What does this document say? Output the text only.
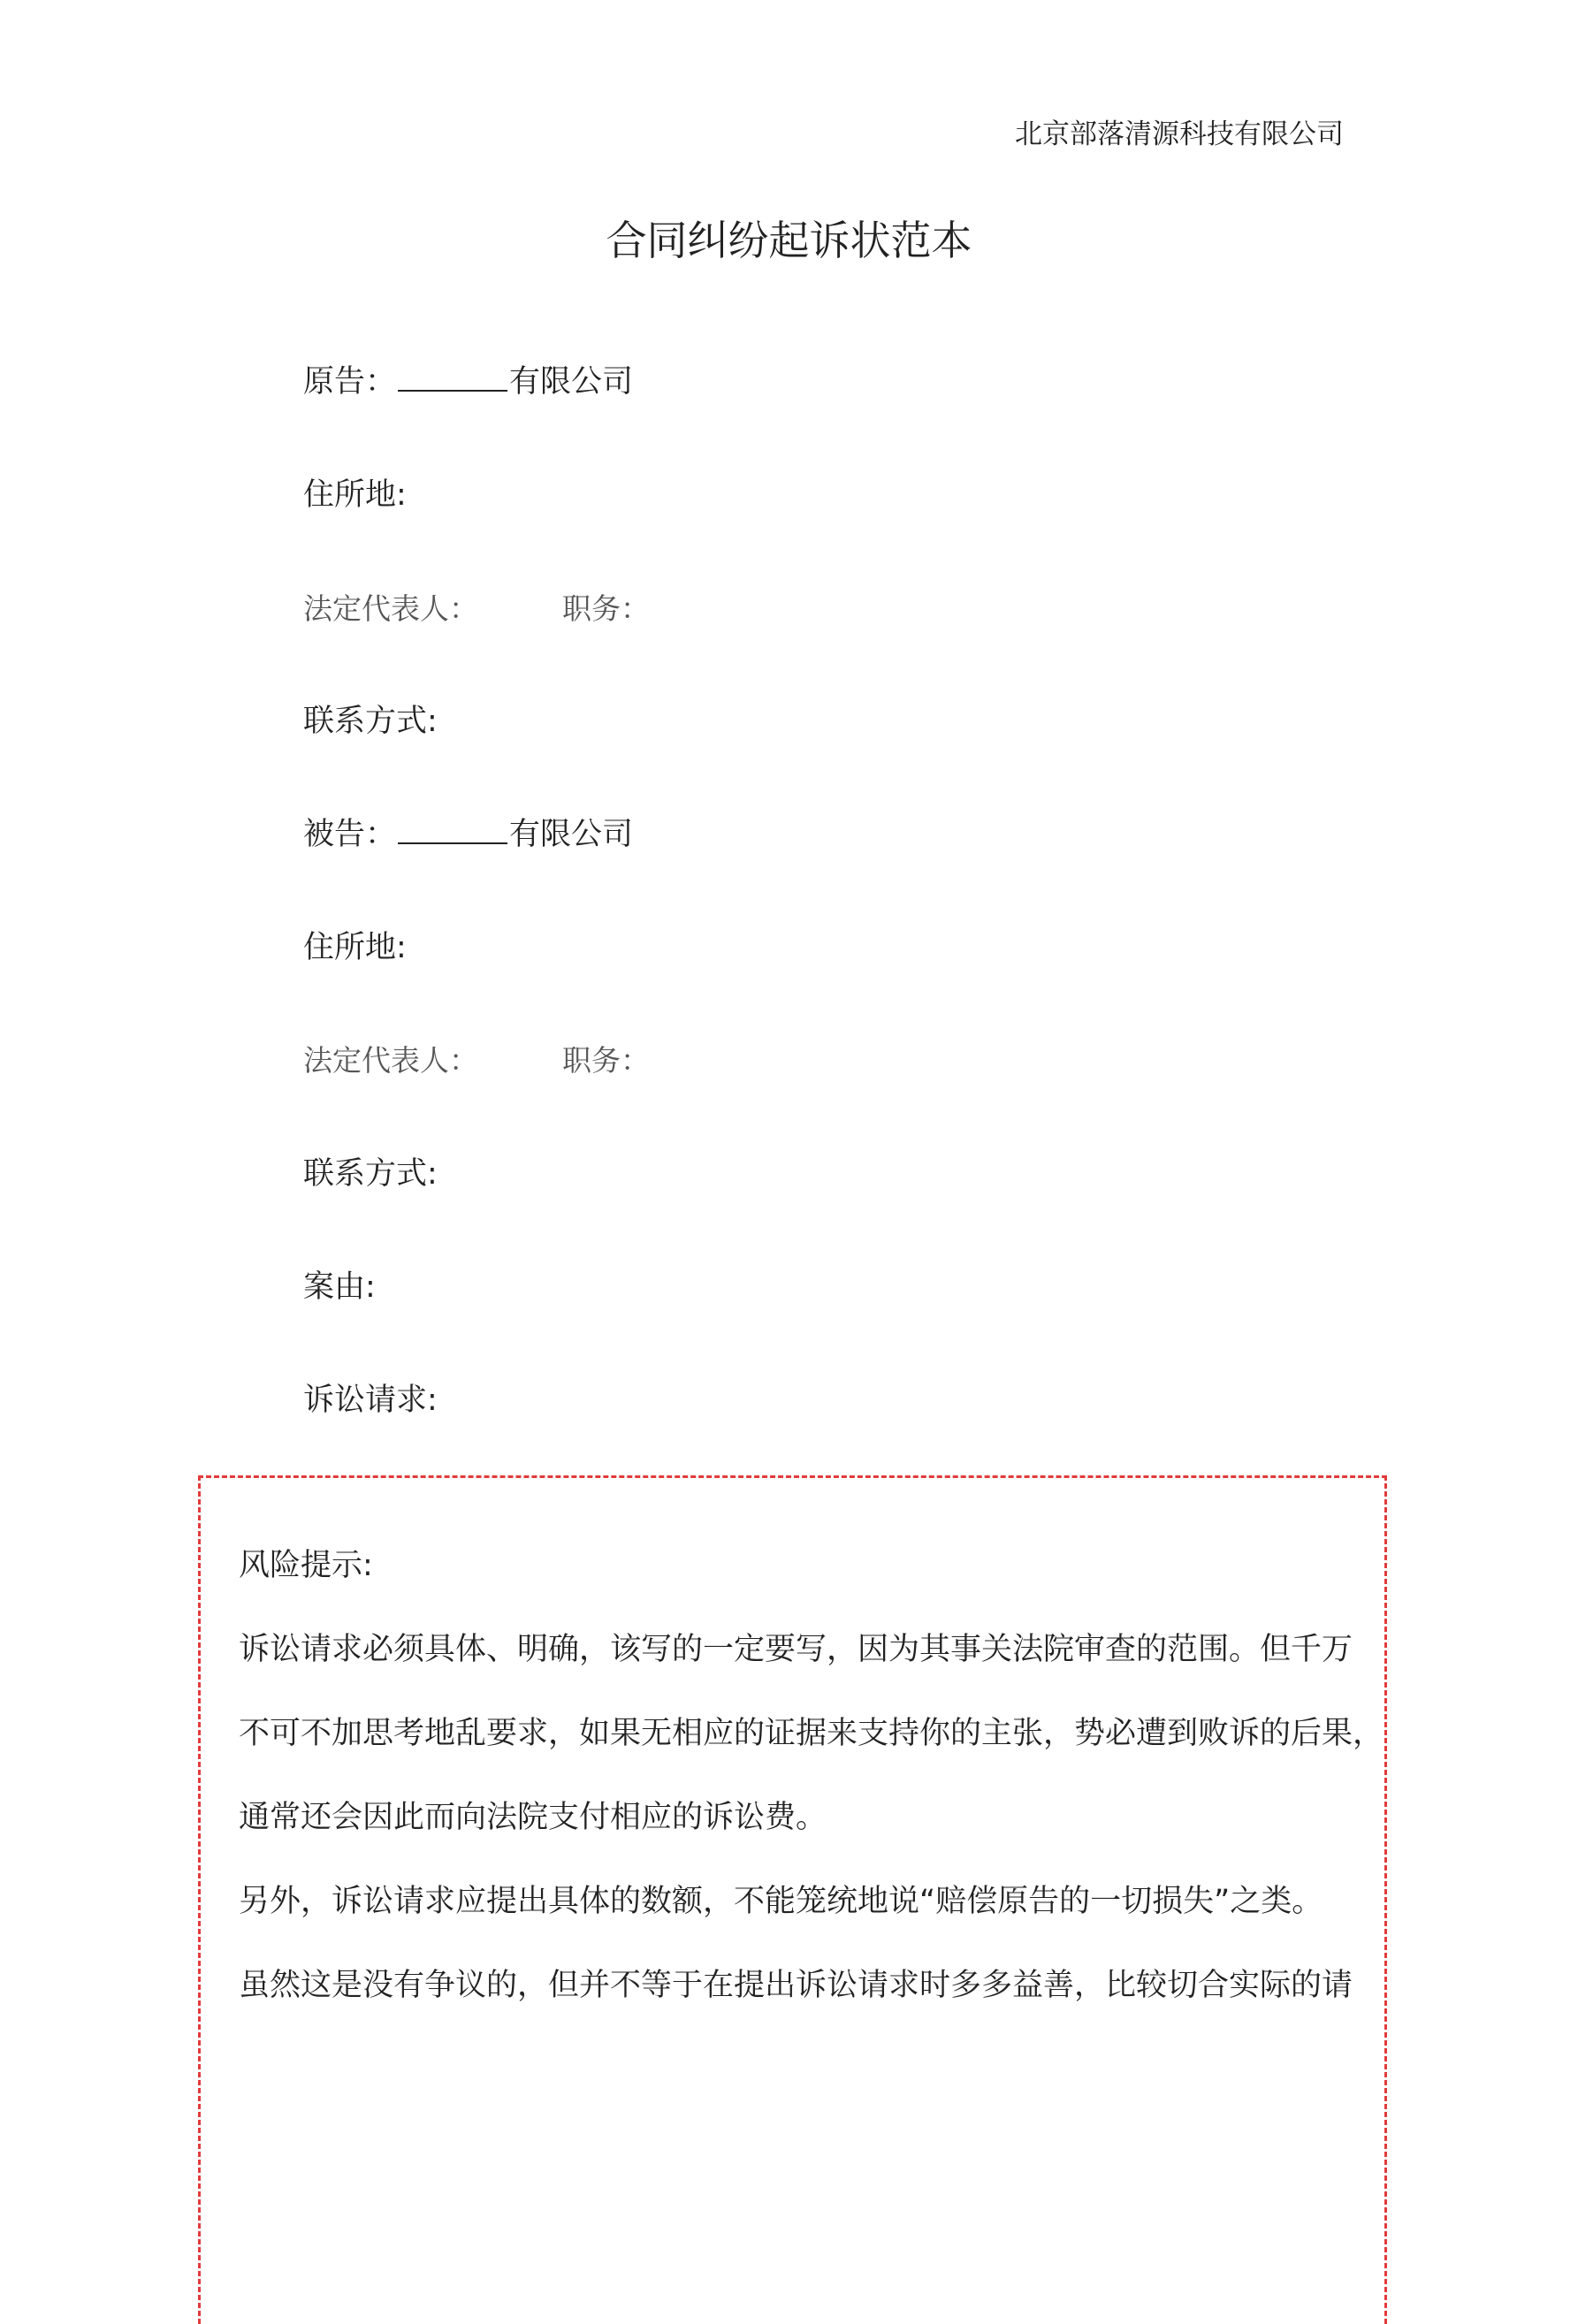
北京部落清源科技有限公司
合同纠纷起诉状范本
原告：	有限公司
住所地:
法定代表人：	职务：
联系方式:
被告：	有限公司
住所地:
法定代表人：	职务：
联系方式:
案由:
诉讼请求:
风险提示:
诉讼请求必须具体、明确，该写的一定要写，因为其事关法院审查的范围。但千万
不可不加思考地乱要求，如果无相应的证据来支持你的主张，势必遭到败诉的后果，
通常还会因此而向法院支付相应的诉讼费。
另外，诉讼请求应提出具体的数额，不能笼统地说“赔偿原告的一切损失”之类。
虽然这是没有争议的，但并不等于在提出诉讼请求时多多益善，比较切合实际的请
